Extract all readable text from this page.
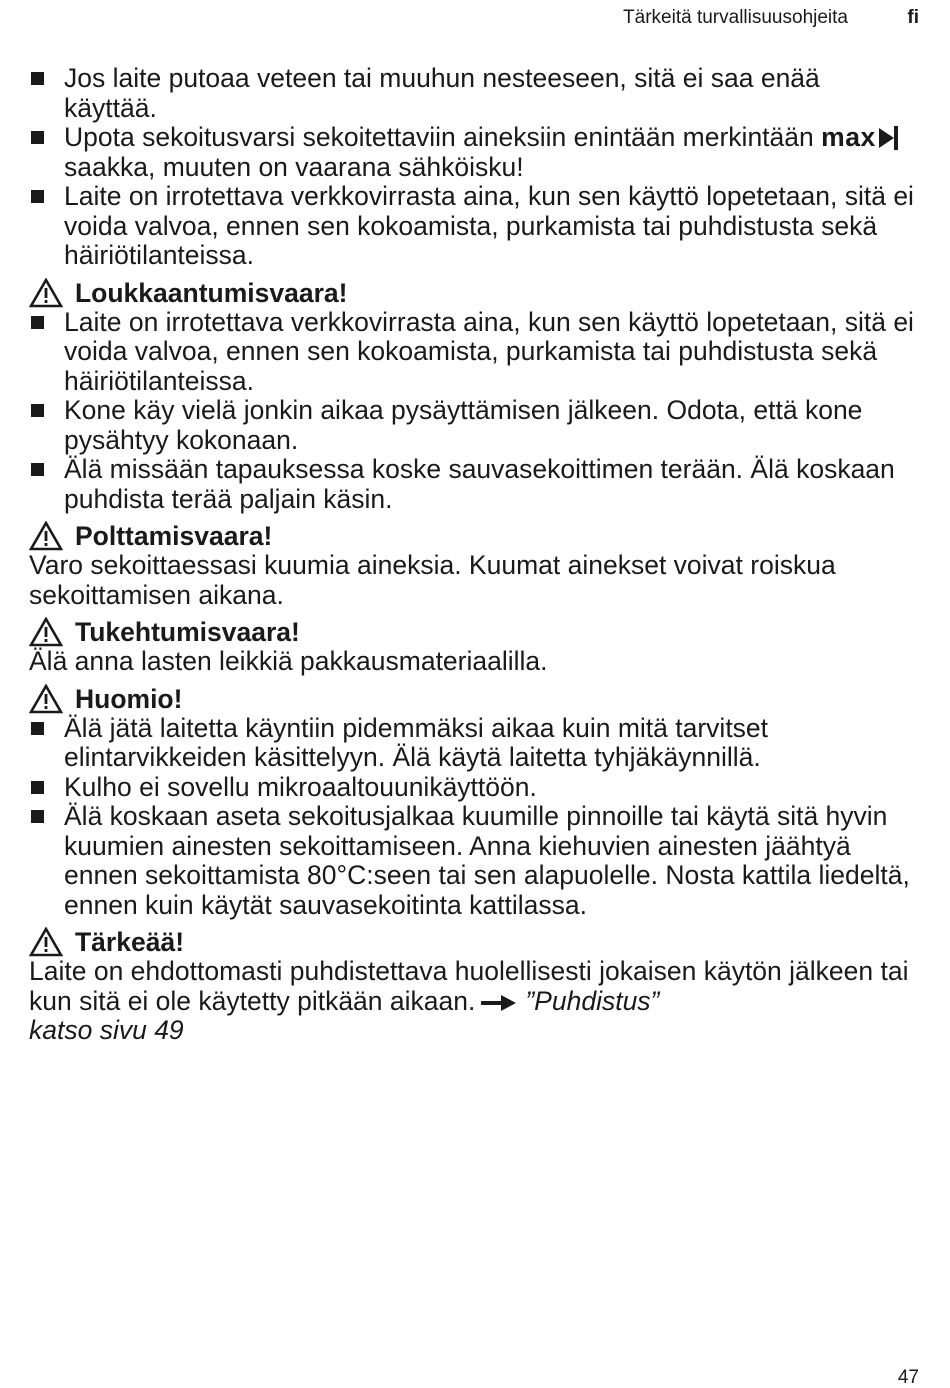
Tärkeitä turvallisuusohjeita	fi
Jos laite putoaa veteen tai muuhun nesteeseen, sitä ei saa enää käyttää.
Upota sekoitusvarsi sekoitettaviin aineksiin enintään merkintään maxsaakka, muuten on vaarana sähköisku!
Laite on irrotettava verkkovirrasta aina, kun sen käyttö lopetetaan, sitä ei voida valvoa, ennen sen kokoamista, purkamista tai puhdistusta sekä häiriötilanteissa.
Loukkaantumisvaara!
Laite on irrotettava verkkovirrasta aina, kun sen käyttö lopetetaan, sitä ei voida valvoa, ennen sen kokoamista, purkamista tai puhdistusta sekä häiriötilanteissa.
Kone käy vielä jonkin aikaa pysäyttämisen jälkeen. Odota, että kone pysähtyy kokonaan.
Älä missään tapauksessa koske sauvasekoittimen terään. Älä koskaan puhdista terää paljain käsin.
Polttamisvaara!

Varo sekoittaessasi kuumia aineksia. Kuumat ainekset voivat roiskua sekoittamisen aikana.

Tukehtumisvaara!

Älä anna lasten leikkiä pakkausmateriaalilla.

Huomio!
Älä jätä laitetta käyntiin pidemmäksi aikaa kuin mitä tarvitset elintarvikkeiden käsittelyyn. Älä käytä laitetta tyhjäkäynnillä.
Kulho ei sovellu mikroaaltouunikäyttöön.
Älä koskaan aseta sekoitusjalkaa kuumille pinnoille tai käytä sitä hyvin kuumien ainesten sekoittamiseen. Anna kiehuvien ainesten jäähtyä ennen sekoittamista 80°C:seen tai sen alapuolelle. Nosta kattila liedeltä, ennen kuin käytät sauvasekoitinta kattilassa.
Tärkeää!

Laite on ehdottomasti puhdistettava huolellisesti jokaisen käytön jälkeen tai kun sitä ei ole käytetty pitkään aikaan. ”Puhdistus”
katso sivu 49

47
